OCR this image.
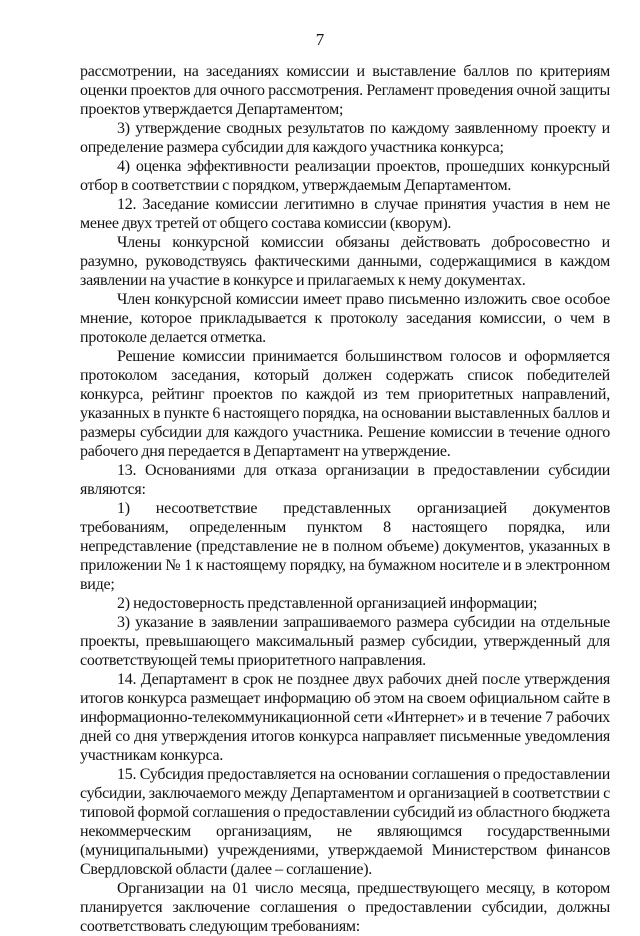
7

рассмотрении, на заседаниях комиссии и выставление баллов по критериям оценки проектов для очного рассмотрения. Регламент проведения очной защиты проектов утверждается Департаментом;

3) утверждение сводных результатов по каждому заявленному проекту и определение размера субсидии для каждого участника конкурса;

4) оценка эффективности реализации проектов, прошедших конкурсный отбор в соответствии с порядком, утверждаемым Департаментом.

12. Заседание комиссии легитимно в случае принятия участия в нем не менее двух третей от общего состава комиссии (кворум).

Члены конкурсной комиссии обязаны действовать добросовестно и разумно, руководствуясь фактическими данными, содержащимися в каждом заявлении на участие в конкурсе и прилагаемых к нему документах.

Член конкурсной комиссии имеет право письменно изложить свое особое мнение, которое прикладывается к протоколу заседания комиссии, о чем в протоколе делается отметка.

Решение комиссии принимается большинством голосов и оформляется протоколом заседания, который должен содержать список победителей конкурса, рейтинг проектов по каждой из тем приоритетных направлений, указанных в пункте 6 настоящего порядка, на основании выставленных баллов и размеры субсидии для каждого участника. Решение комиссии в течение одного рабочего дня передается в Департамент на утверждение.

13. Основаниями для отказа организации в предоставлении субсидии являются:

1) несоответствие представленных организацией документов требованиям, определенным пунктом 8 настоящего порядка, или непредставление (представление не в полном объеме) документов, указанных в приложении № 1 к настоящему порядку, на бумажном носителе и в электронном виде;

2) недостоверность представленной организацией информации;

3) указание в заявлении запрашиваемого размера субсидии на отдельные проекты, превышающего максимальный размер субсидии, утвержденный для соответствующей темы приоритетного направления.

14. Департамент в срок не позднее двух рабочих дней после утверждения итогов конкурса размещает информацию об этом на своем официальном сайте в информационно-телекоммуникационной сети «Интернет» и в течение 7 рабочих дней со дня утверждения итогов конкурса направляет письменные уведомления участникам конкурса.

15. Субсидия предоставляется на основании соглашения о предоставлении субсидии, заключаемого между Департаментом и организацией в соответствии с типовой формой соглашения о предоставлении субсидий из областного бюджета некоммерческим организациям, не являющимся государственными (муниципальными) учреждениями, утверждаемой Министерством финансов Свердловской области (далее – соглашение).

Организации на 01 число месяца, предшествующего месяцу, в котором планируется заключение соглашения о предоставлении субсидии, должны соответствовать следующим требованиям:
